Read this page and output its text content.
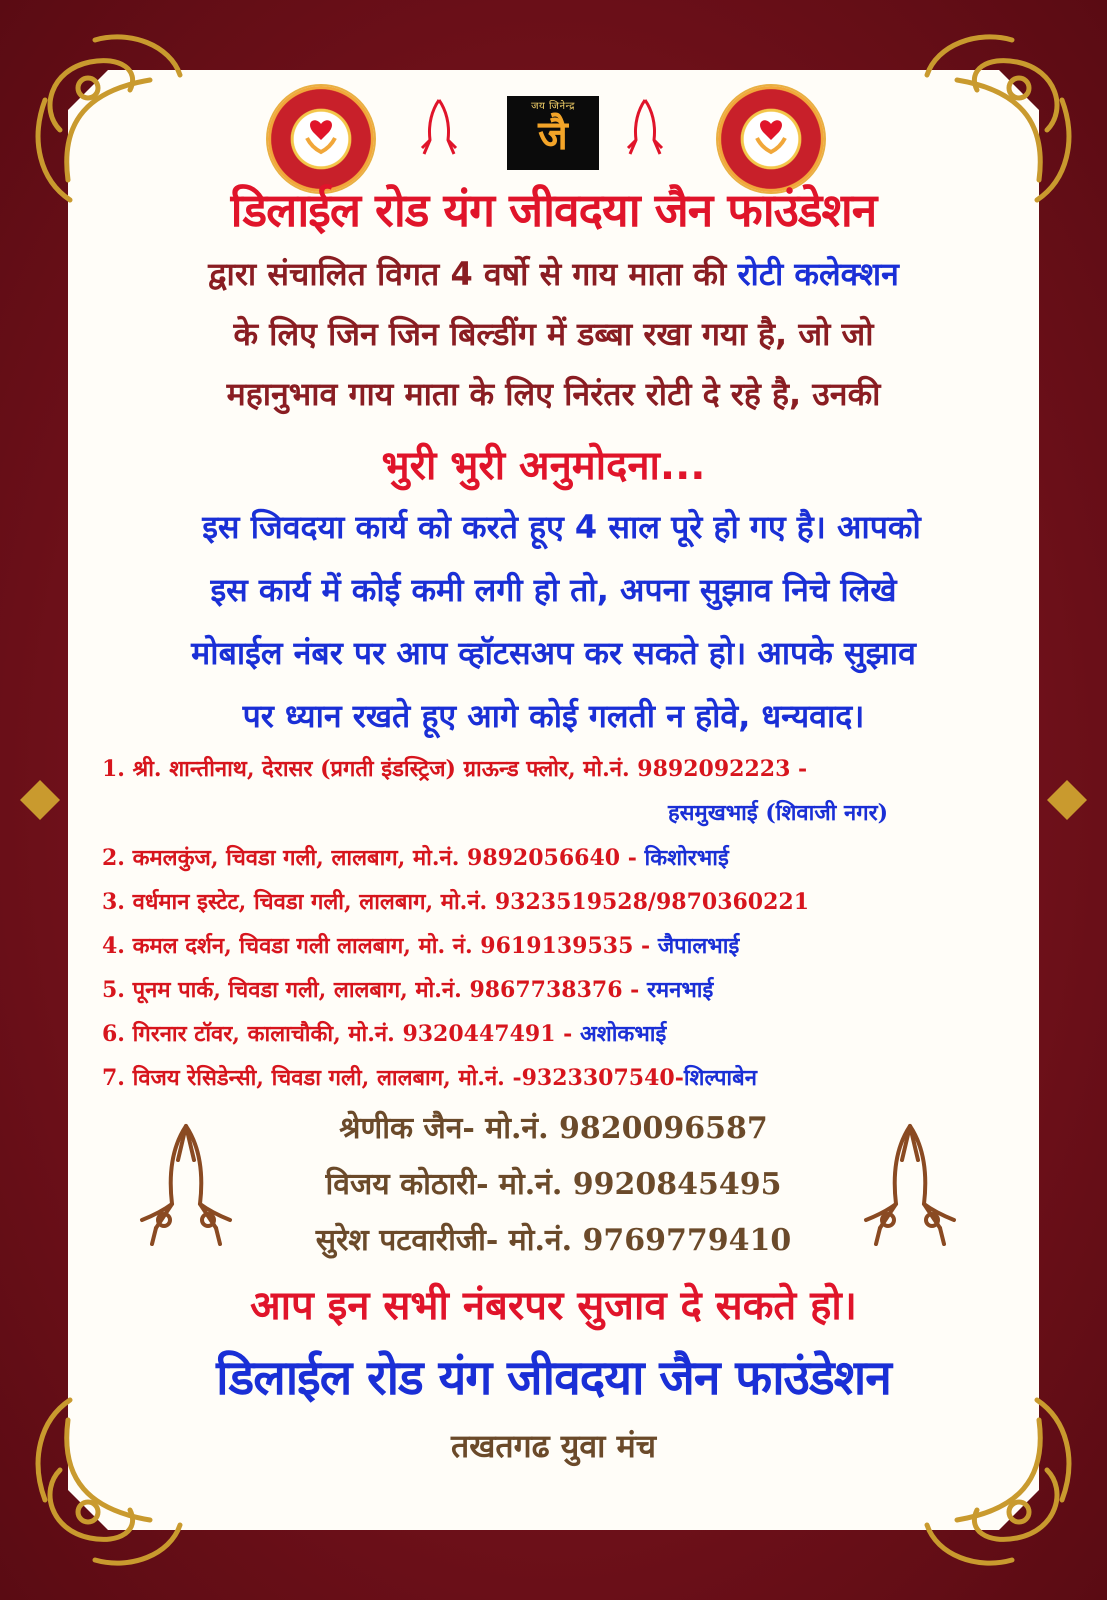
जय जिनेन्द्र
जै
डिलाईल रोड यंग जीवदया जैन फाउंडेशन
द्वारा संचालित विगत 4 वर्षो से गाय माता की रोटी कलेक्शन
के लिए जिन जिन बिल्डींग में डब्बा रखा गया है, जो जो
महानुभाव गाय माता के लिए निरंतर रोटी दे रहे है, उनकी
भुरी भुरी अनुमोदना...
इस जिवदया कार्य को करते हूए 4 साल पूरे हो गए है। आपको
इस कार्य में कोई कमी लगी हो तो, अपना सुझाव निचे लिखे
मोबाईल नंबर पर आप व्हॉटसअप कर सकते हो। आपके सुझाव
पर ध्यान रखते हूए आगे कोई गलती न होवे, धन्यवाद।
1. श्री. शान्तीनाथ, देरासर (प्रगती इंडस्ट्रिज) ग्राऊन्ड फ्लोर, मो.नं. 9892092223 -
हसमुखभाई (शिवाजी नगर)
2. कमलकुंज, चिवडा गली, लालबाग, मो.नं. 9892056640 - किशोरभाई
3. वर्धमान इस्टेट, चिवडा गली, लालबाग, मो.नं. 9323519528/9870360221
4. कमल दर्शन, चिवडा गली लालबाग, मो. नं. 9619139535 - जैपालभाई
5. पूनम पार्क, चिवडा गली, लालबाग, मो.नं. 9867738376 - रमनभाई
6. गिरनार टॉवर, कालाचौकी, मो.नं. 9320447491 - अशोकभाई
7. विजय रेसिडेन्सी, चिवडा गली, लालबाग, मो.नं. -9323307540-शिल्पाबेन
श्रेणीक जैन- मो.नं. 9820096587
विजय कोठारी- मो.नं. 9920845495
सुरेश पटवारीजी- मो.नं. 9769779410
आप इन सभी नंबरपर सुजाव दे सकते हो।
डिलाईल रोड यंग जीवदया जैन फाउंडेशन
तखतगढ युवा मंच
